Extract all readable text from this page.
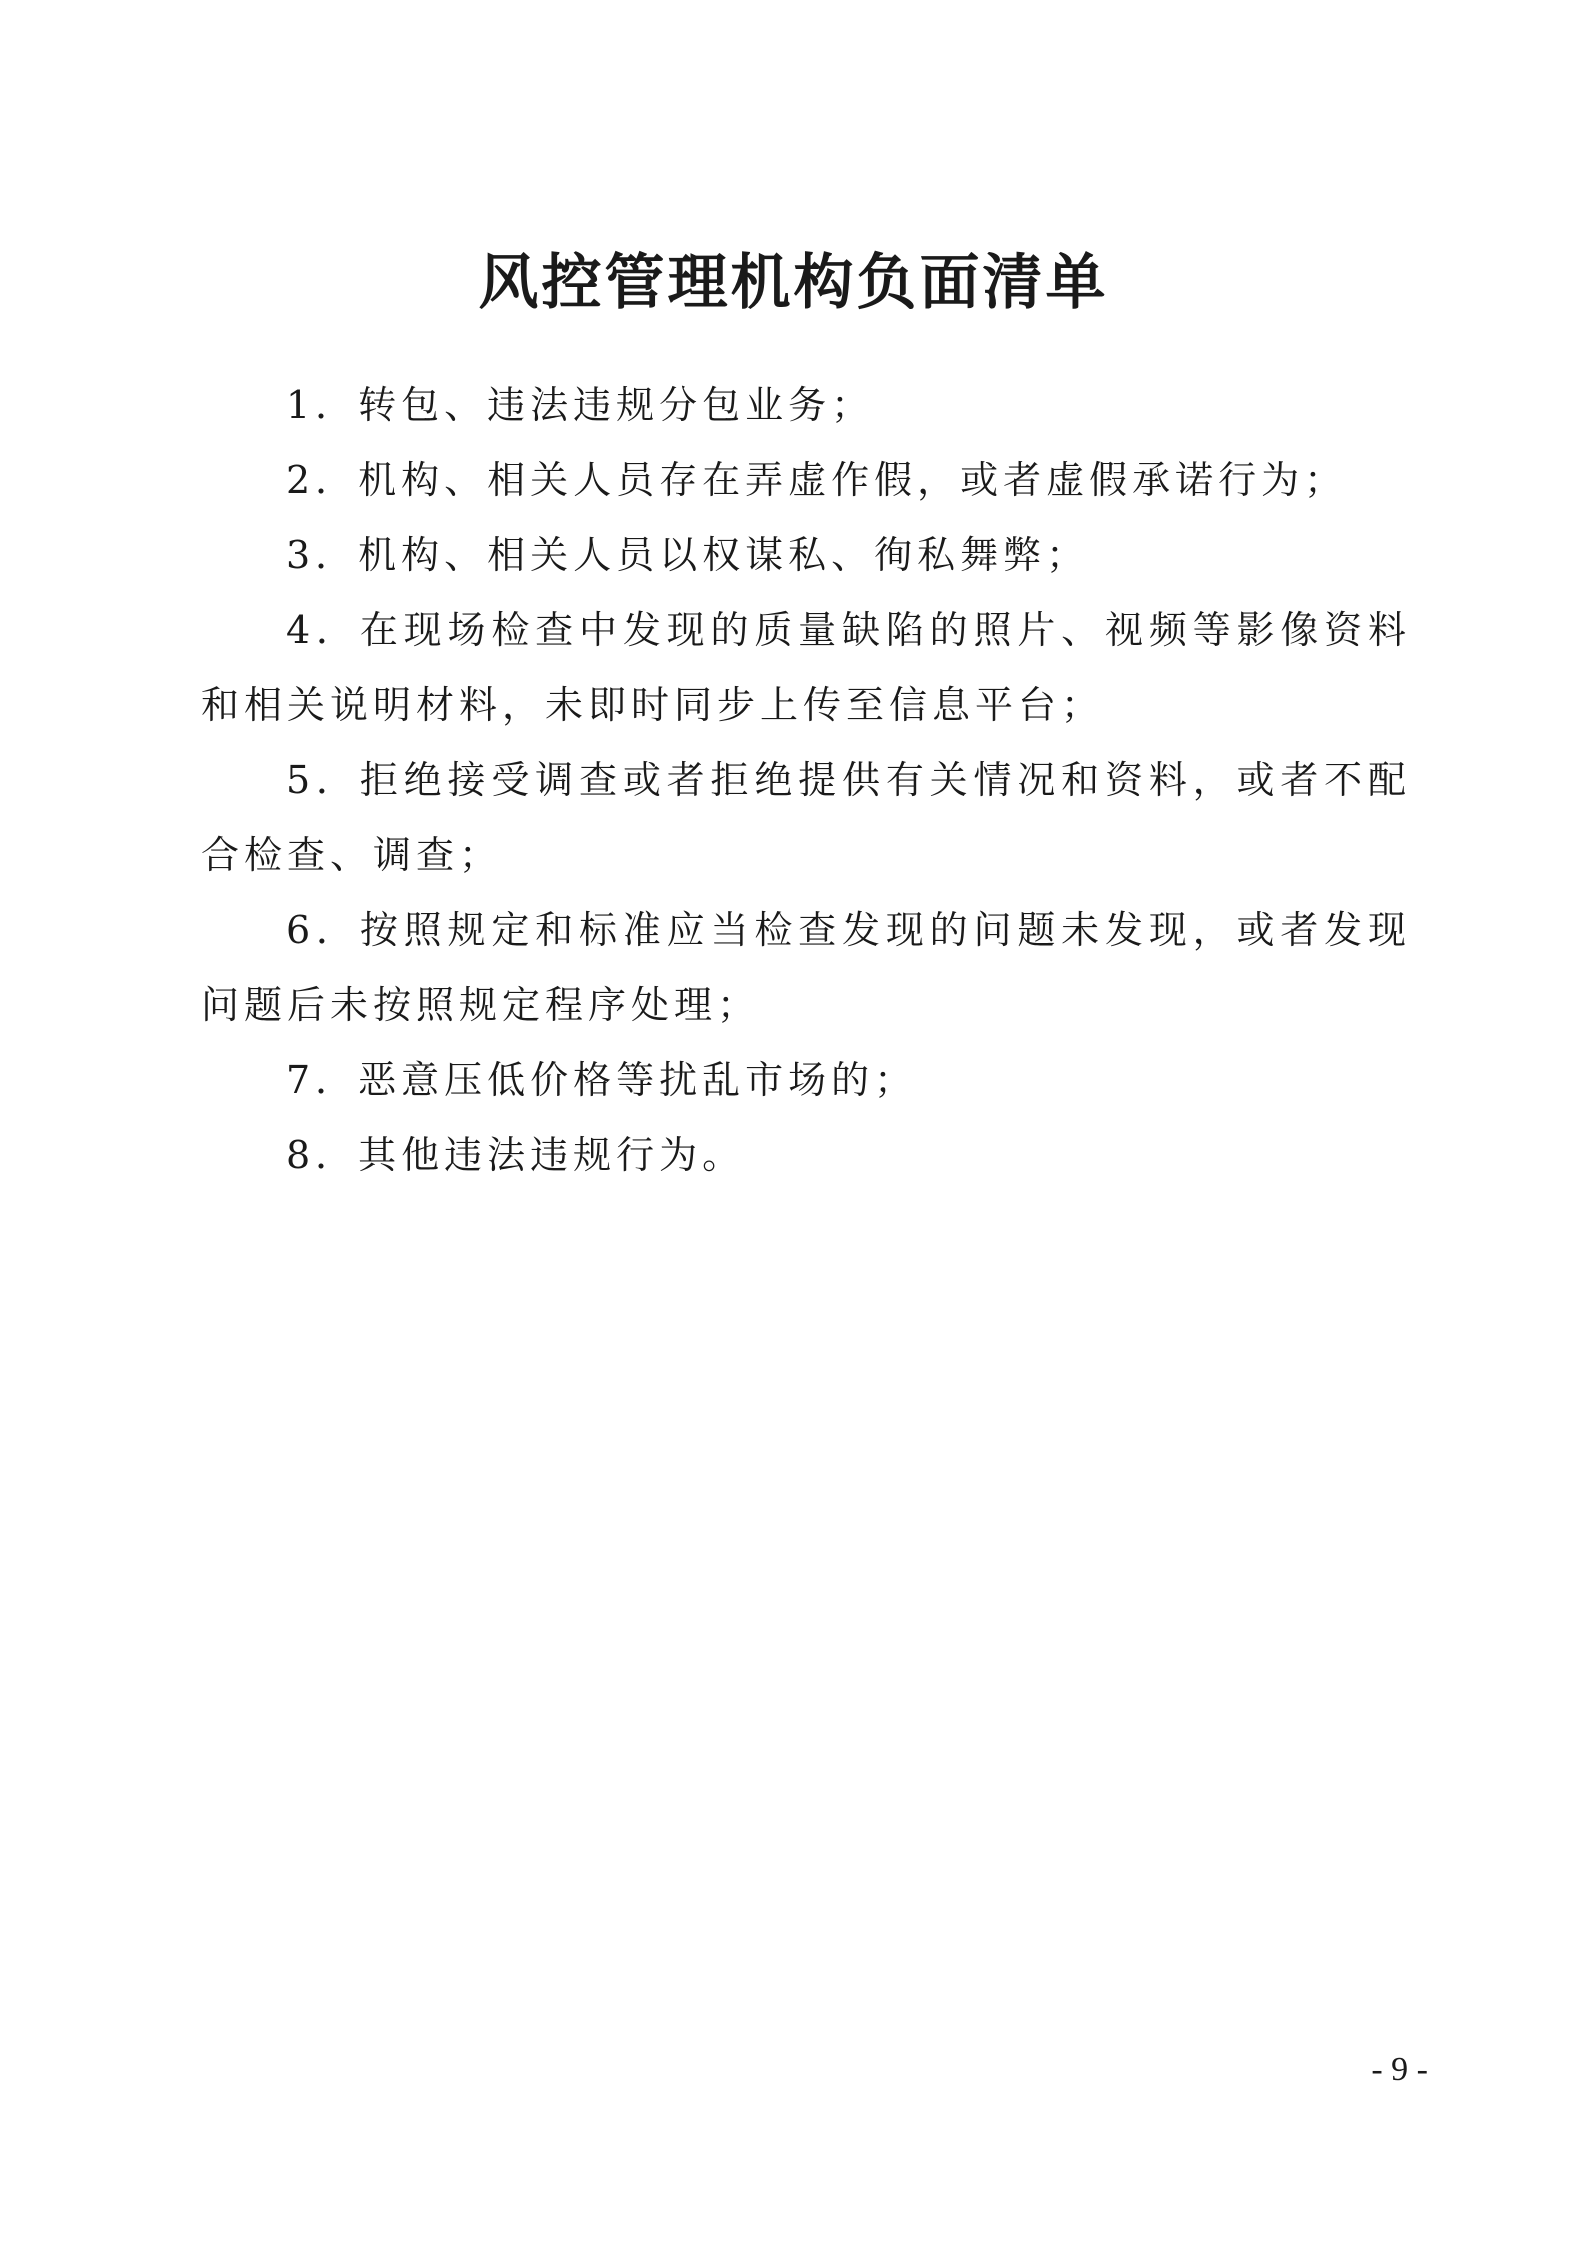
风控管理机构负面清单

1．转包、违法违规分包业务；

2．机构、相关人员存在弄虚作假，或者虚假承诺行为；

3．机构、相关人员以权谋私、徇私舞弊；

4．在现场检查中发现的质量缺陷的照片、视频等影像资料和相关说明材料，未即时同步上传至信息平台；

5．拒绝接受调查或者拒绝提供有关情况和资料，或者不配合检查、调查；

6．按照规定和标准应当检查发现的问题未发现，或者发现问题后未按照规定程序处理；

7．恶意压低价格等扰乱市场的；

8．其他违法违规行为。

- 9 -
